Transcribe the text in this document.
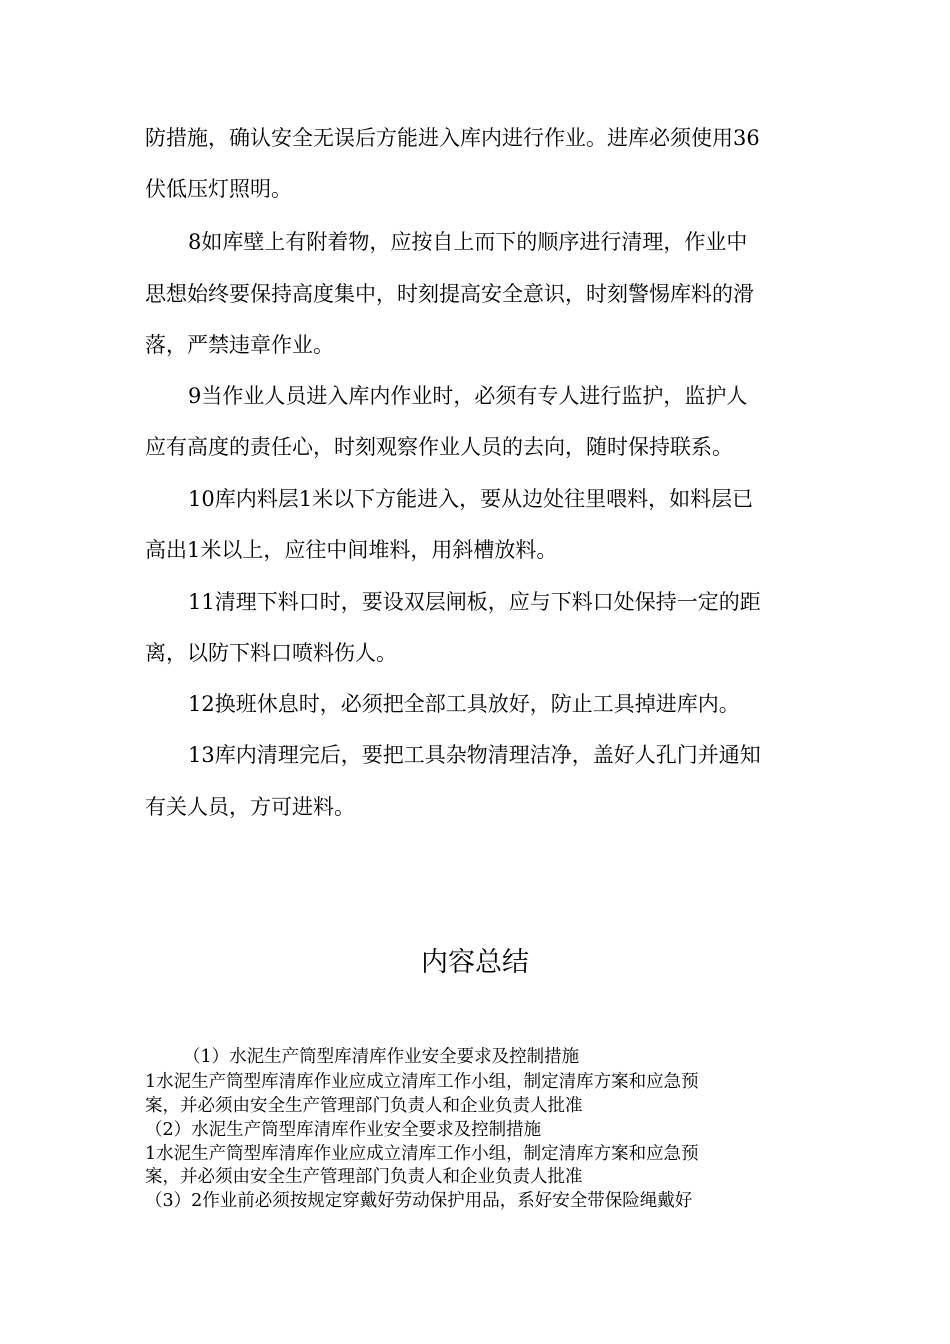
防措施，确认安全无误后方能进入库内进行作业。进库必须使用36
伏低压灯照明。
8如库壁上有附着物，应按自上而下的顺序进行清理，作业中
思想始终要保持高度集中，时刻提高安全意识，时刻警惕库料的滑
落，严禁违章作业。
9当作业人员进入库内作业时，必须有专人进行监护，监护人
应有高度的责任心，时刻观察作业人员的去向，随时保持联系。
10库内料层1米以下方能进入，要从边处往里喂料，如料层已
高出1米以上，应往中间堆料，用斜槽放料。
11清理下料口时，要设双层闸板，应与下料口处保持一定的距
离，以防下料口喷料伤人。
12换班休息时，必须把全部工具放好，防止工具掉进库内。
13库内清理完后，要把工具杂物清理洁净，盖好人孔门并通知
有关人员，方可进料。
内容总结
（1）水泥生产筒型库清库作业安全要求及控制措施
1水泥生产筒型库清库作业应成立清库工作小组，制定清库方案和应急预
案，并必须由安全生产管理部门负责人和企业负责人批准
（2）水泥生产筒型库清库作业安全要求及控制措施
1水泥生产筒型库清库作业应成立清库工作小组，制定清库方案和应急预
案，并必须由安全生产管理部门负责人和企业负责人批准
（3）2作业前必须按规定穿戴好劳动保护用品，系好安全带保险绳戴好
